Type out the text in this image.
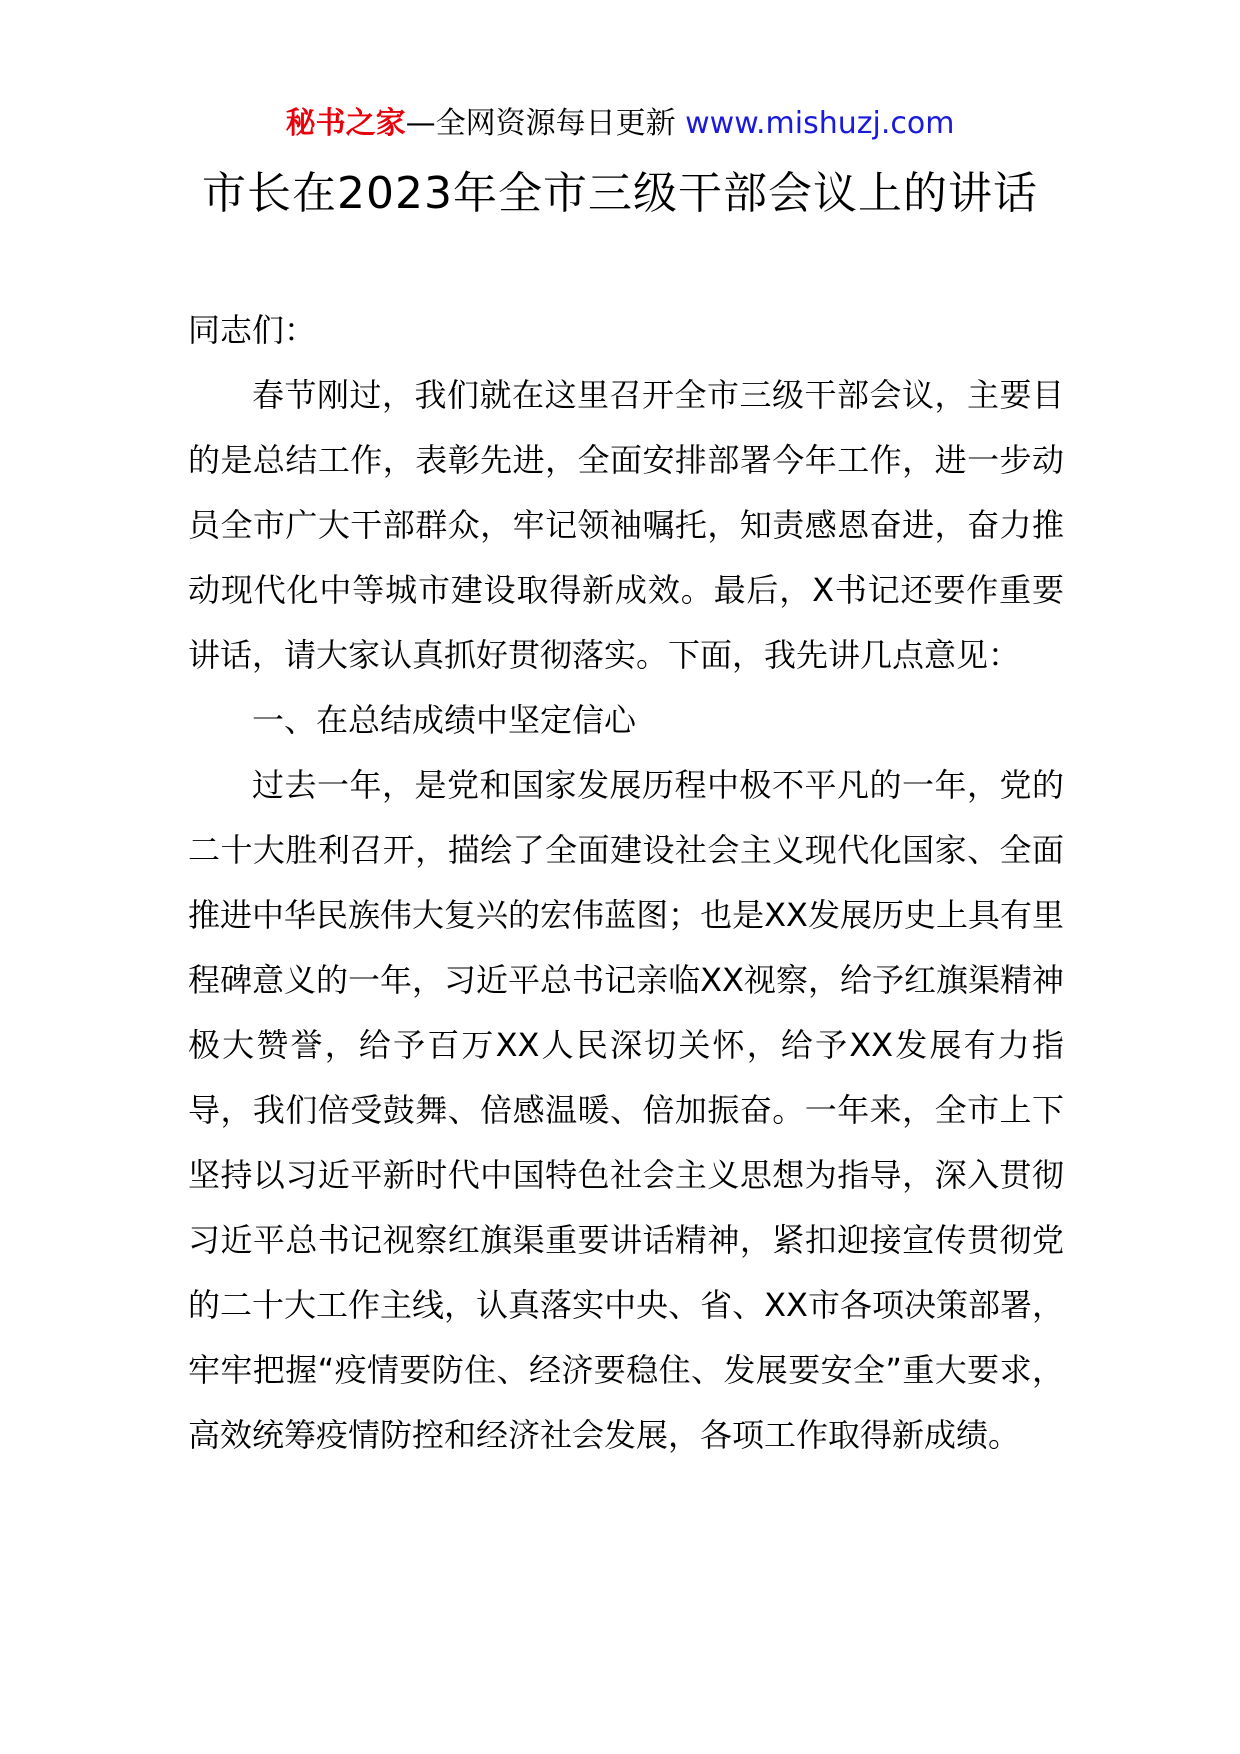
秘书之家—全网资源每日更新 www.mishuzj.com
市长在2023年全市三级干部会议上的讲话

同志们：

春节刚过，我们就在这里召开全市三级干部会议，主要目的是总结工作，表彰先进，全面安排部署今年工作，进一步动员全市广大干部群众，牢记领袖嘱托，知责感恩奋进，奋力推动现代化中等城市建设取得新成效。最后，X书记还要作重要讲话，请大家认真抓好贯彻落实。下面，我先讲几点意见：

一、在总结成绩中坚定信心

过去一年，是党和国家发展历程中极不平凡的一年，党的二十大胜利召开，描绘了全面建设社会主义现代化国家、全面推进中华民族伟大复兴的宏伟蓝图；也是XX发展历史上具有里程碑意义的一年，习近平总书记亲临XX视察，给予红旗渠精神极大赞誉，给予百万XX人民深切关怀，给予XX发展有力指导，我们倍受鼓舞、倍感温暖、倍加振奋。一年来，全市上下坚持以习近平新时代中国特色社会主义思想为指导，深入贯彻习近平总书记视察红旗渠重要讲话精神，紧扣迎接宣传贯彻党的二十大工作主线，认真落实中央、省、XX市各项决策部署，牢牢把握“疫情要防住、经济要稳住、发展要安全”重大要求，高效统筹疫情防控和经济社会发展，各项工作取得新成绩。
